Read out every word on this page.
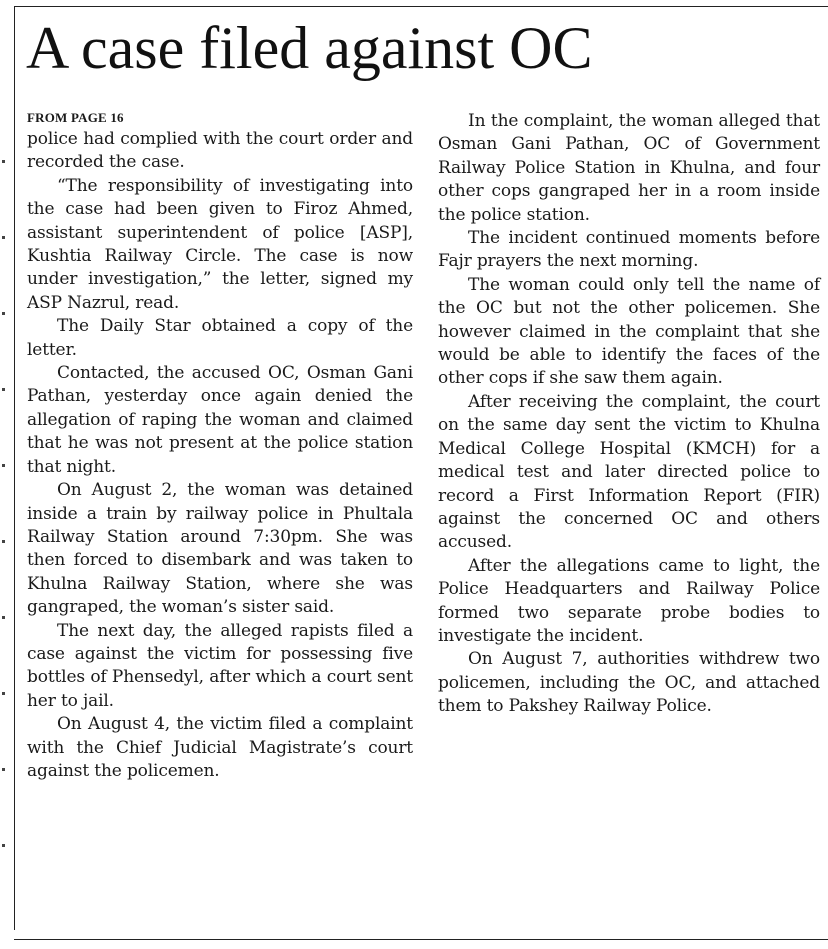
A case filed against OC
FROM PAGE 16

police had complied with the court order and recorded the case.

“The responsibility of investigating into the case had been given to Firoz Ahmed, assistant superintendent of police [ASP], Kushtia Railway Circle. The case is now under investigation,” the letter, signed my ASP Nazrul, read.

The Daily Star obtained a copy of the letter.

Contacted, the accused OC, Osman Gani Pathan, yesterday once again denied the allegation of raping the woman and claimed that he was not present at the police station that night.

On August 2, the woman was detained inside a train by railway police in Phultala Railway Station around 7:30pm. She was then forced to disembark and was taken to Khulna Railway Station, where she was gangraped, the woman’s sister said.

The next day, the alleged rapists filed a case against the victim for possessing five bottles of Phensedyl, after which a court sent her to jail.

On August 4, the victim filed a complaint with the Chief Judicial Magistrate’s court against the policemen.

In the complaint, the woman alleged that Osman Gani Pathan, OC of Government Railway Police Station in Khulna, and four other cops gangraped her in a room inside the police station.

The incident continued moments before Fajr prayers the next morning.

The woman could only tell the name of the OC but not the other policemen. She however claimed in the complaint that she would be able to identify the faces of the other cops if she saw them again.

After receiving the complaint, the court on the same day sent the victim to Khulna Medical College Hospital (KMCH) for a medical test and later directed police to record a First Information Report (FIR) against the concerned OC and others accused.

After the allegations came to light, the Police Headquarters and Railway Police formed two separate probe bodies to investigate the incident.

On August 7, authorities withdrew two policemen, including the OC, and attached them to Pakshey Railway Police.
